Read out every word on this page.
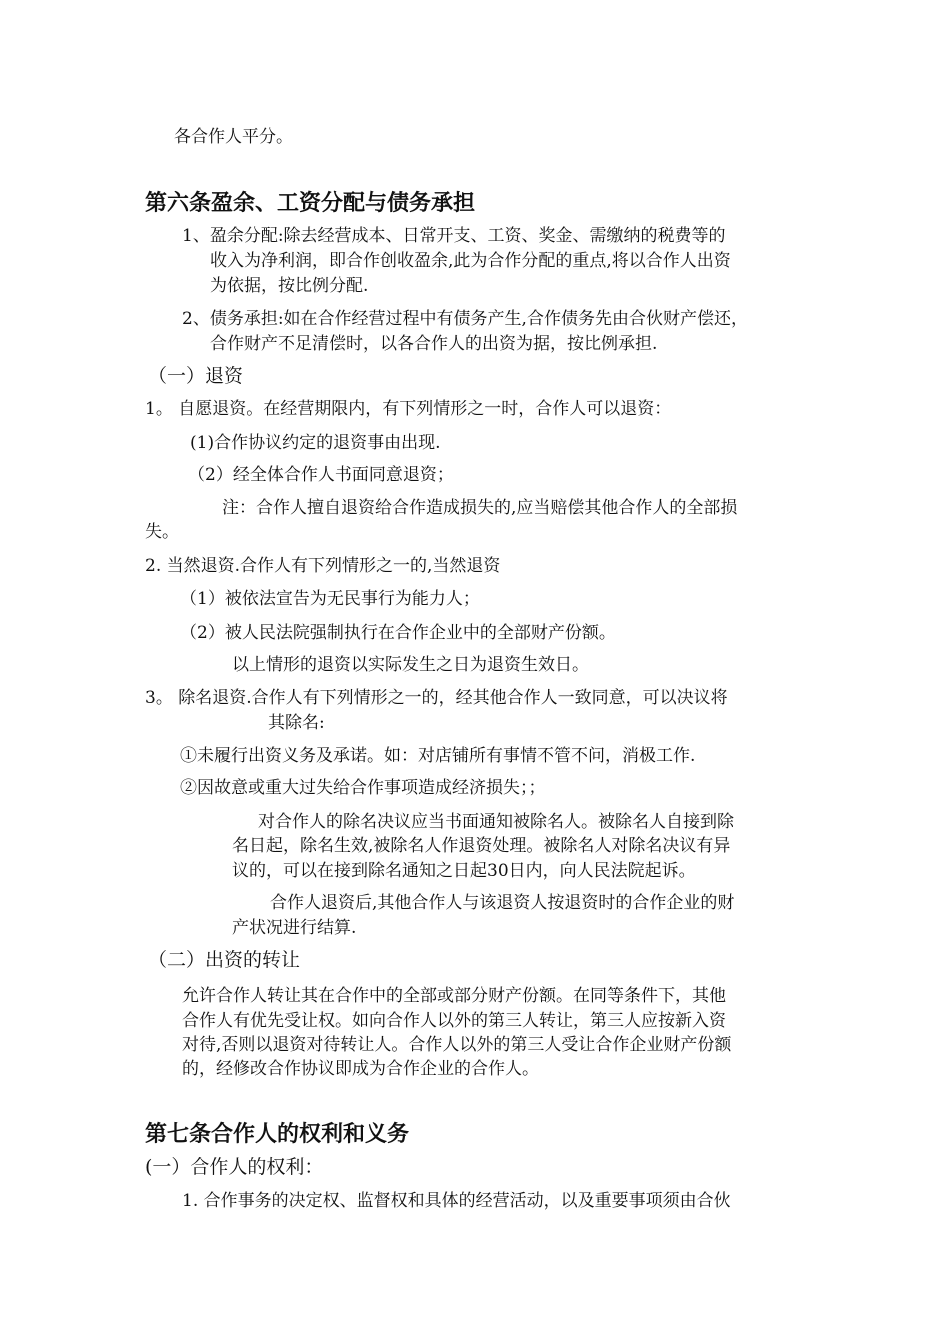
各合作人平分。
第六条盈余、工资分配与债务承担
1、盈余分配:除去经营成本、日常开支、工资、奖金、需缴纳的税费等的
收入为净利润，即合作创收盈余,此为合作分配的重点,将以合作人出资
为依据，按比例分配.
2、债务承担:如在合作经营过程中有债务产生,合作债务先由合伙财产偿还，
合作财产不足清偿时，以各合作人的出资为据，按比例承担.
（一）退资
1。 自愿退资。在经营期限内，有下列情形之一时，合作人可以退资：
(1)合作协议约定的退资事由出现.
（2）经全体合作人书面同意退资；
注：合作人擅自退资给合作造成损失的,应当赔偿其他合作人的全部损
失。
2. 当然退资.合作人有下列情形之一的,当然退资
（1）被依法宣告为无民事行为能力人；
（2）被人民法院强制执行在合作企业中的全部财产份额。
以上情形的退资以实际发生之日为退资生效日。
3。 除名退资.合作人有下列情形之一的，经其他合作人一致同意，可以决议将
其除名:
①未履行出资义务及承诺。如：对店铺所有事情不管不问，消极工作.
②因故意或重大过失给合作事项造成经济损失；；
对合作人的除名决议应当书面通知被除名人。被除名人自接到除
名日起，除名生效,被除名人作退资处理。被除名人对除名决议有异
议的，可以在接到除名通知之日起30日内，向人民法院起诉。
合作人退资后,其他合作人与该退资人按退资时的合作企业的财
产状况进行结算.
（二）出资的转让
允许合作人转让其在合作中的全部或部分财产份额。在同等条件下，其他
合作人有优先受让权。如向合作人以外的第三人转让，第三人应按新入资
对待,否则以退资对待转让人。合作人以外的第三人受让合作企业财产份额
的，经修改合作协议即成为合作企业的合作人。
第七条合作人的权利和义务
(一）合作人的权利：
1. 合作事务的决定权、监督权和具体的经营活动，以及重要事项须由合伙
